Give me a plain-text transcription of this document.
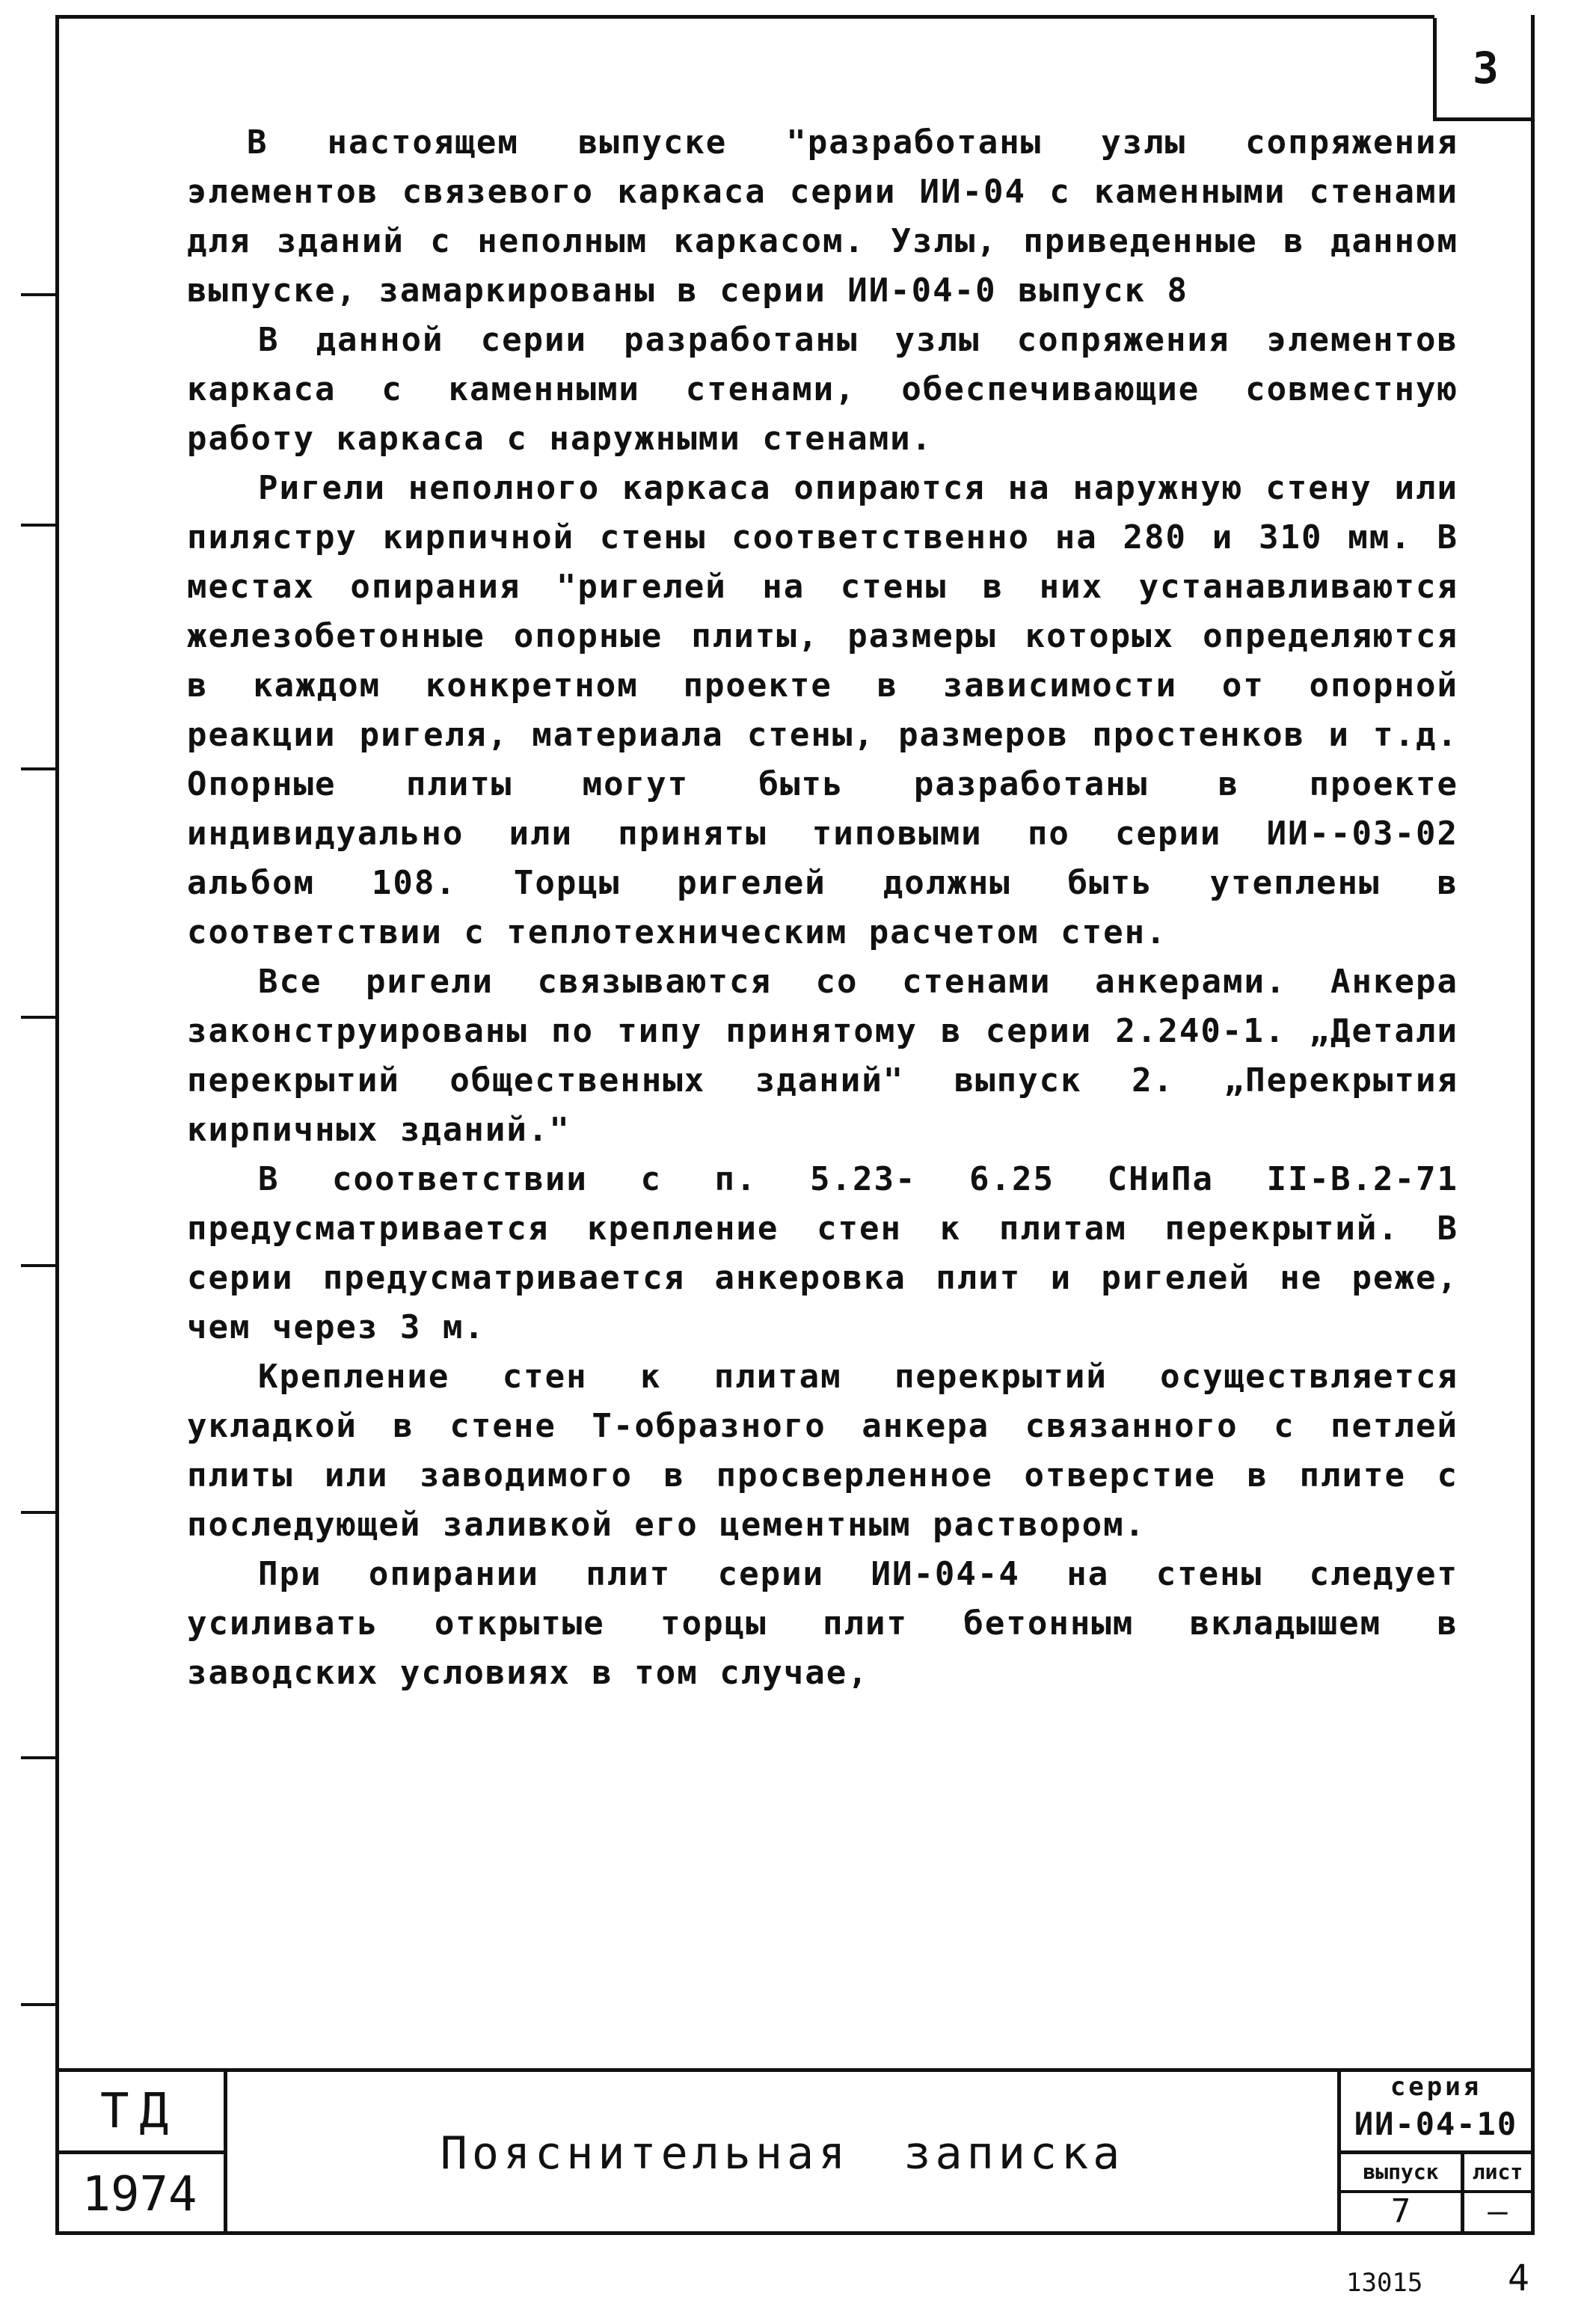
3

В настоящем выпуске "разработаны узлы сопряжения элементов связевого каркаса серии ИИ-04 с каменными стенами для зданий с неполным каркасом. Узлы, приведенные в данном выпуске, замаркированы в серии ИИ-04-0 выпуск 8

В данной серии разработаны узлы сопряжения элементов каркаса с каменными стенами, обеспечивающие совместную работу каркаса с наружными стенами.

Ригели неполного каркаса опираются на наружную стену или пилястру кирпичной стены соответственно на 280 и 310 мм. В местах опирания "ригелей на стены в них устанавливаются железобетонные опорные плиты, размеры которых определяются в каждом конкретном проекте в зависимости от опорной реакции ригеля, материала стены, размеров простенков и т.д. Опорные плиты могут быть разработаны в проекте индивидуально или приняты типовыми по серии ИИ--03-02 альбом 108. Торцы ригелей должны быть утеплены в соответствии с теплотехническим расчетом стен.

Все ригели связываются со стенами анкерами. Анкера законструированы по типу принятому в серии 2.240-1. „Детали перекрытий общественных зданий" выпуск 2. „Перекрытия кирпичных зданий."

В соответствии с п. 5.23- 6.25 СНиПа II-В.2-71 предусматривается крепление стен к плитам перекрытий. В серии предусматривается анкеровка плит и ригелей не реже, чем через 3 м.

Крепление стен к плитам перекрытий осуществляется укладкой в стене Т-образного анкера связанного с петлей плиты или заводимого в просверленное отверстие в плите с последующей заливкой его цементным раствором.

При опирании плит серии ИИ-04-4 на стены следует усиливать открытые торцы плит бетонным вкладышем в заводских условиях в том случае,

ТД
1974
Пояснительная записка
серия
ИИ-04-10
выпуск	лист
7	—
13015 4
